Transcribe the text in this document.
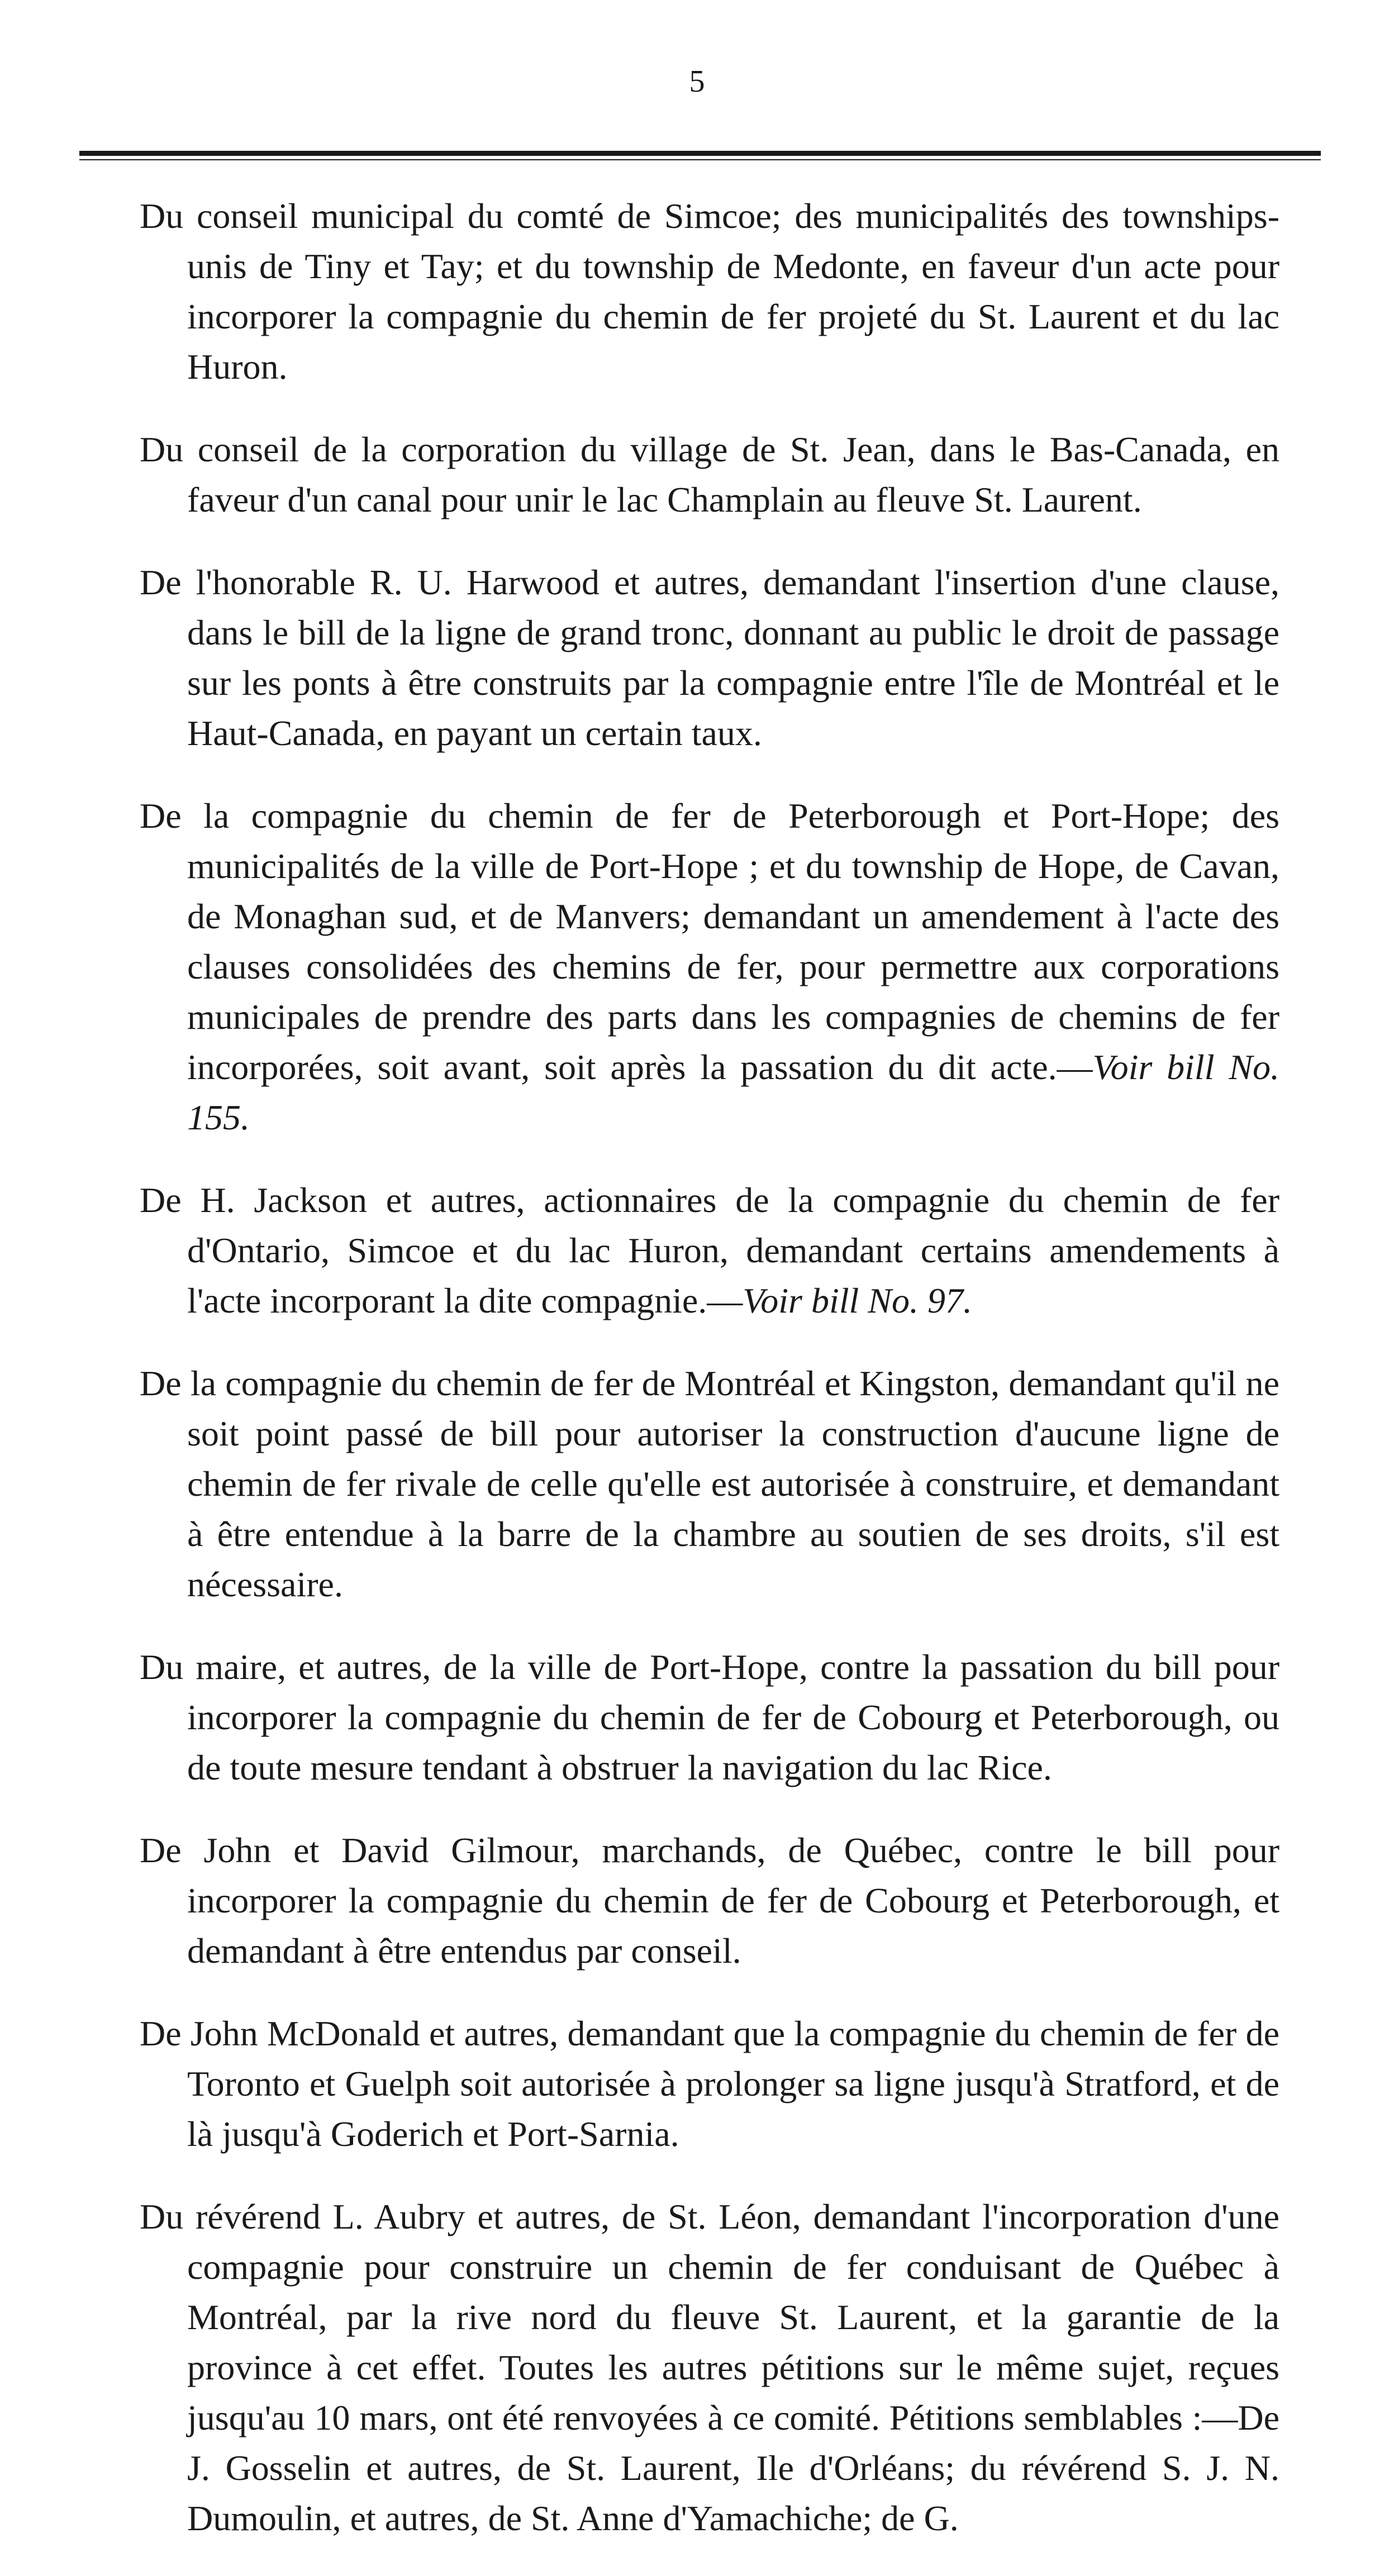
5

Du conseil municipal du comté de Simcoe; des municipalités des townships-unis de Tiny et Tay; et du township de Medonte, en faveur d'un acte pour incorporer la compagnie du chemin de fer projeté du St. Laurent et du lac Huron.

Du conseil de la corporation du village de St. Jean, dans le Bas-Canada, en faveur d'un canal pour unir le lac Champlain au fleuve St. Laurent.

De l'honorable R. U. Harwood et autres, demandant l'insertion d'une clause, dans le bill de la ligne de grand tronc, donnant au public le droit de passage sur les ponts à être construits par la compagnie entre l'île de Montréal et le Haut-Canada, en payant un certain taux.

De la compagnie du chemin de fer de Peterborough et Port-Hope; des municipalités de la ville de Port-Hope ; et du township de Hope, de Cavan, de Monaghan sud, et de Manvers; demandant un amendement à l'acte des clauses consolidées des chemins de fer, pour permettre aux corporations municipales de prendre des parts dans les compagnies de chemins de fer incorporées, soit avant, soit après la passation du dit acte.—Voir bill No. 155.

De H. Jackson et autres, actionnaires de la compagnie du chemin de fer d'Ontario, Simcoe et du lac Huron, demandant certains amendements à l'acte incorporant la dite compagnie.—Voir bill No. 97.

De la compagnie du chemin de fer de Montréal et Kingston, demandant qu'il ne soit point passé de bill pour autoriser la construction d'aucune ligne de chemin de fer rivale de celle qu'elle est autorisée à construire, et demandant à être entendue à la barre de la chambre au soutien de ses droits, s'il est nécessaire.

Du maire, et autres, de la ville de Port-Hope, contre la passation du bill pour incorporer la compagnie du chemin de fer de Cobourg et Peterborough, ou de toute mesure tendant à obstruer la navigation du lac Rice.

De John et David Gilmour, marchands, de Québec, contre le bill pour incorporer la compagnie du chemin de fer de Cobourg et Peterborough, et demandant à être entendus par conseil.

De John McDonald et autres, demandant que la compagnie du chemin de fer de Toronto et Guelph soit autorisée à prolonger sa ligne jusqu'à Stratford, et de là jusqu'à Goderich et Port-Sarnia.

Du révérend L. Aubry et autres, de St. Léon, demandant l'incorporation d'une compagnie pour construire un chemin de fer conduisant de Québec à Montréal, par la rive nord du fleuve St. Laurent, et la garantie de la province à cet effet. Toutes les autres pétitions sur le même sujet, reçues jusqu'au 10 mars, ont été renvoyées à ce comité. Pétitions semblables :—De J. Gosselin et autres, de St. Laurent, Ile d'Orléans; du révérend S. J. N. Dumoulin, et autres, de St. Anne d'Yamachiche; de G.
